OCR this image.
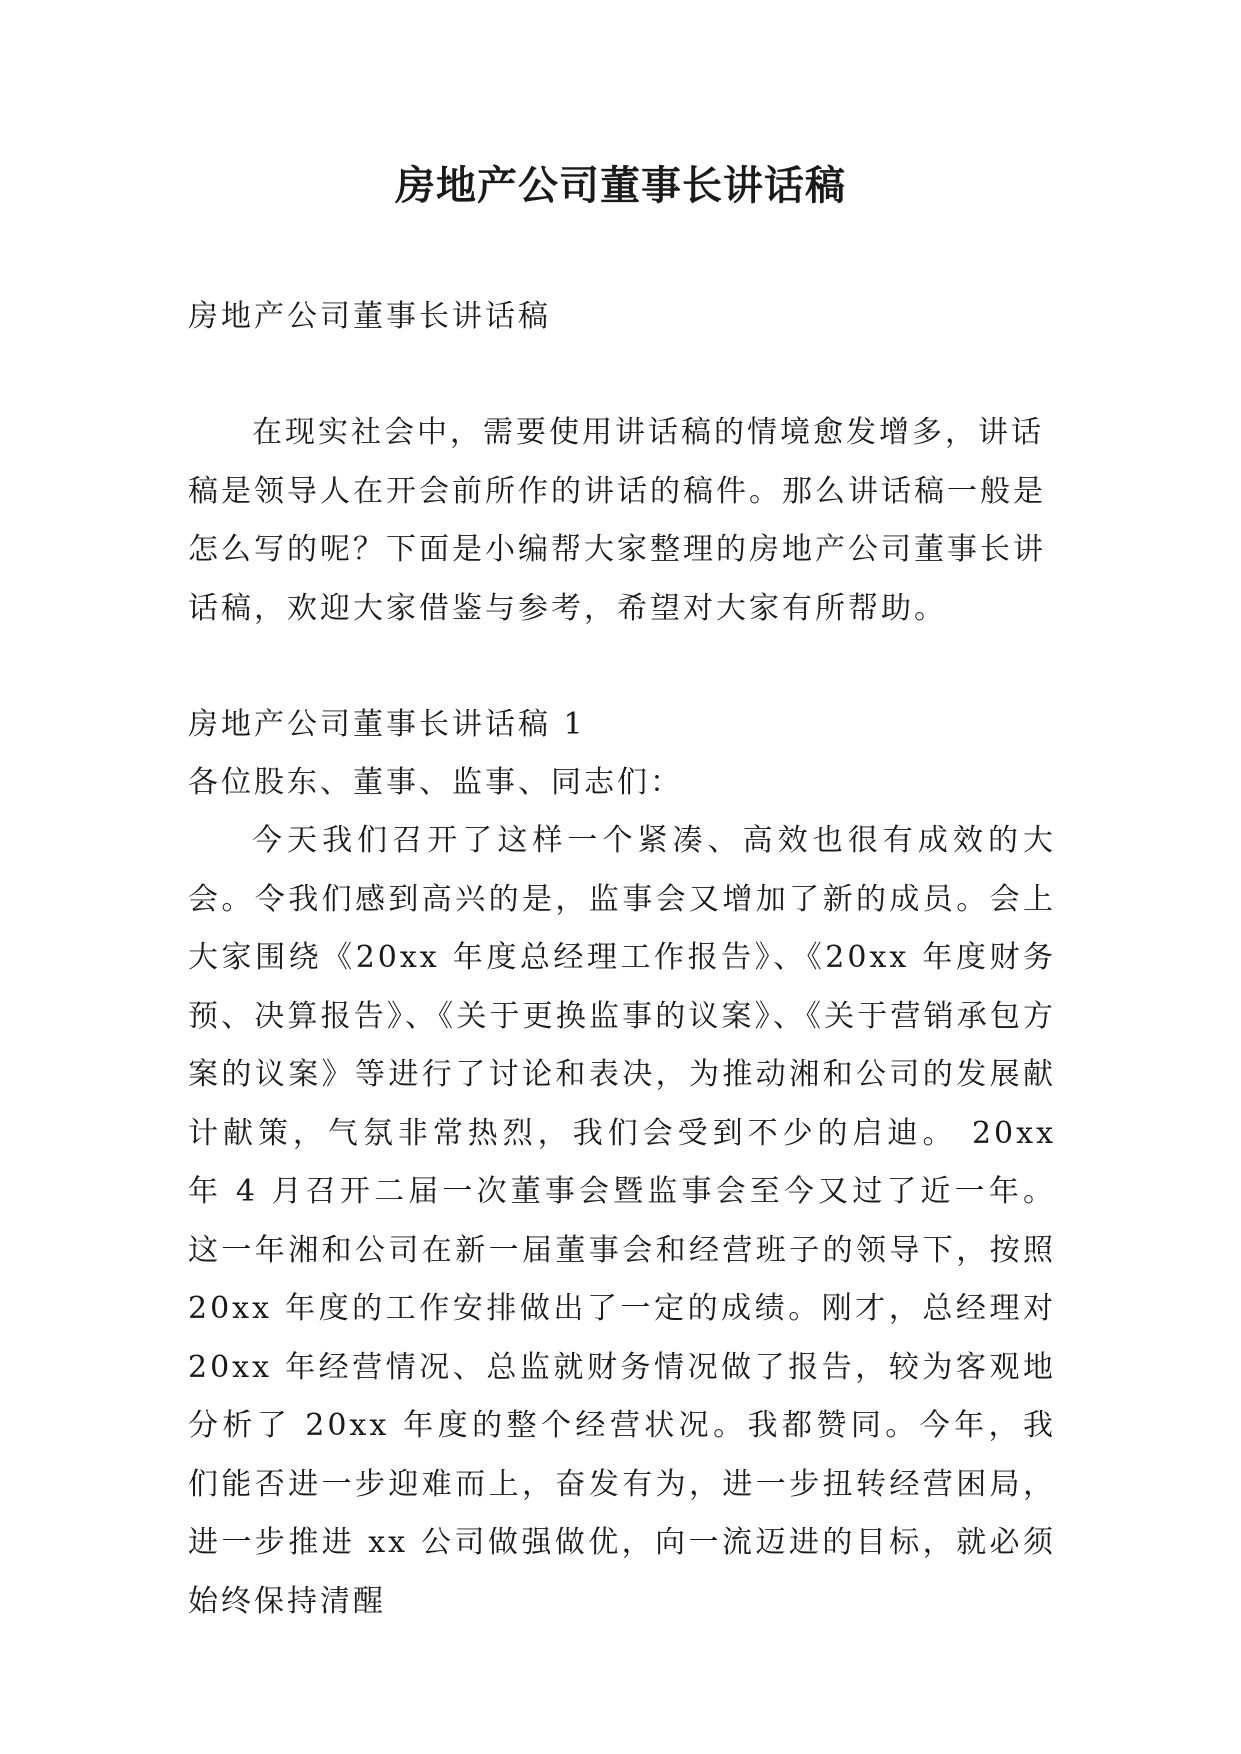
房地产公司董事长讲话稿

房地产公司董事长讲话稿

在现实社会中，需要使用讲话稿的情境愈发增多，讲话稿是领导人在开会前所作的讲话的稿件。那么讲话稿一般是怎么写的呢？下面是小编帮大家整理的房地产公司董事长讲话稿，欢迎大家借鉴与参考，希望对大家有所帮助。

房地产公司董事长讲话稿 1

各位股东、董事、监事、同志们：

今天我们召开了这样一个紧凑、高效也很有成效的大会。令我们感到高兴的是，监事会又增加了新的成员。会上大家围绕《20xx 年度总经理工作报告》、《20xx 年度财务预、决算报告》、《关于更换监事的议案》、《关于营销承包方案的议案》等进行了讨论和表决，为推动湘和公司的发展献计献策，气氛非常热烈，我们会受到不少的启迪。 20xx 年 4 月召开二届一次董事会暨监事会至今又过了近一年。这一年湘和公司在新一届董事会和经营班子的领导下，按照 20xx 年度的工作安排做出了一定的成绩。刚才，总经理对 20xx 年经营情况、总监就财务情况做了报告，较为客观地分析了 20xx 年度的整个经营状况。我都赞同。今年，我们能否进一步迎难而上，奋发有为，进一步扭转经营困局，进一步推进 xx 公司做强做优，向一流迈进的目标，就必须始终保持清醒
